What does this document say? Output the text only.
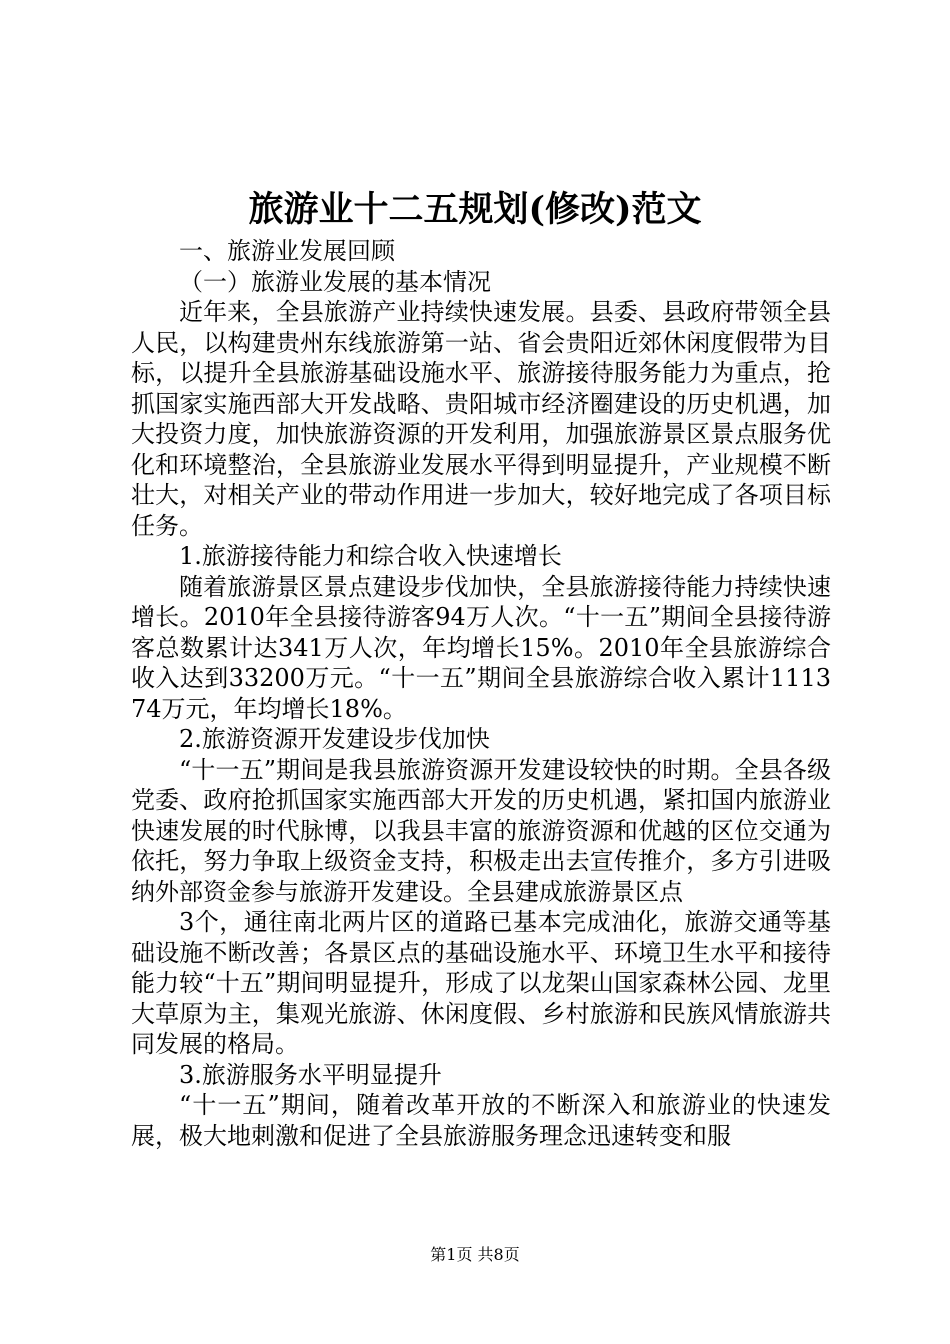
旅游业十二五规划(修改)范文

一、旅游业发展回顾

（一）旅游业发展的基本情况

近年来，全县旅游产业持续快速发展。县委、县政府带领全县人民，以构建贵州东线旅游第一站、省会贵阳近郊休闲度假带为目标，以提升全县旅游基础设施水平、旅游接待服务能力为重点，抢抓国家实施西部大开发战略、贵阳城市经济圈建设的历史机遇，加大投资力度，加快旅游资源的开发利用，加强旅游景区景点服务优化和环境整治，全县旅游业发展水平得到明显提升，产业规模不断壮大，对相关产业的带动作用进一步加大，较好地完成了各项目标任务。

1.旅游接待能力和综合收入快速增长

随着旅游景区景点建设步伐加快，全县旅游接待能力持续快速增长。2010年全县接待游客94万人次。“十一五”期间全县接待游客总数累计达341万人次，年均增长15%。2010年全县旅游综合收入达到33200万元。“十一五”期间全县旅游综合收入累计111374万元，年均增长18%。

2.旅游资源开发建设步伐加快

“十一五”期间是我县旅游资源开发建设较快的时期。全县各级党委、政府抢抓国家实施西部大开发的历史机遇，紧扣国内旅游业快速发展的时代脉博，以我县丰富的旅游资源和优越的区位交通为依托，努力争取上级资金支持，积极走出去宣传推介，多方引进吸纳外部资金参与旅游开发建设。全县建成旅游景区点

3个，通往南北两片区的道路已基本完成油化，旅游交通等基础设施不断改善；各景区点的基础设施水平、环境卫生水平和接待能力较“十五”期间明显提升，形成了以龙架山国家森林公园、龙里大草原为主，集观光旅游、休闲度假、乡村旅游和民族风情旅游共同发展的格局。

3.旅游服务水平明显提升

“十一五”期间，随着改革开放的不断深入和旅游业的快速发展，极大地刺激和促进了全县旅游服务理念迅速转变和服

第1页 共8页
